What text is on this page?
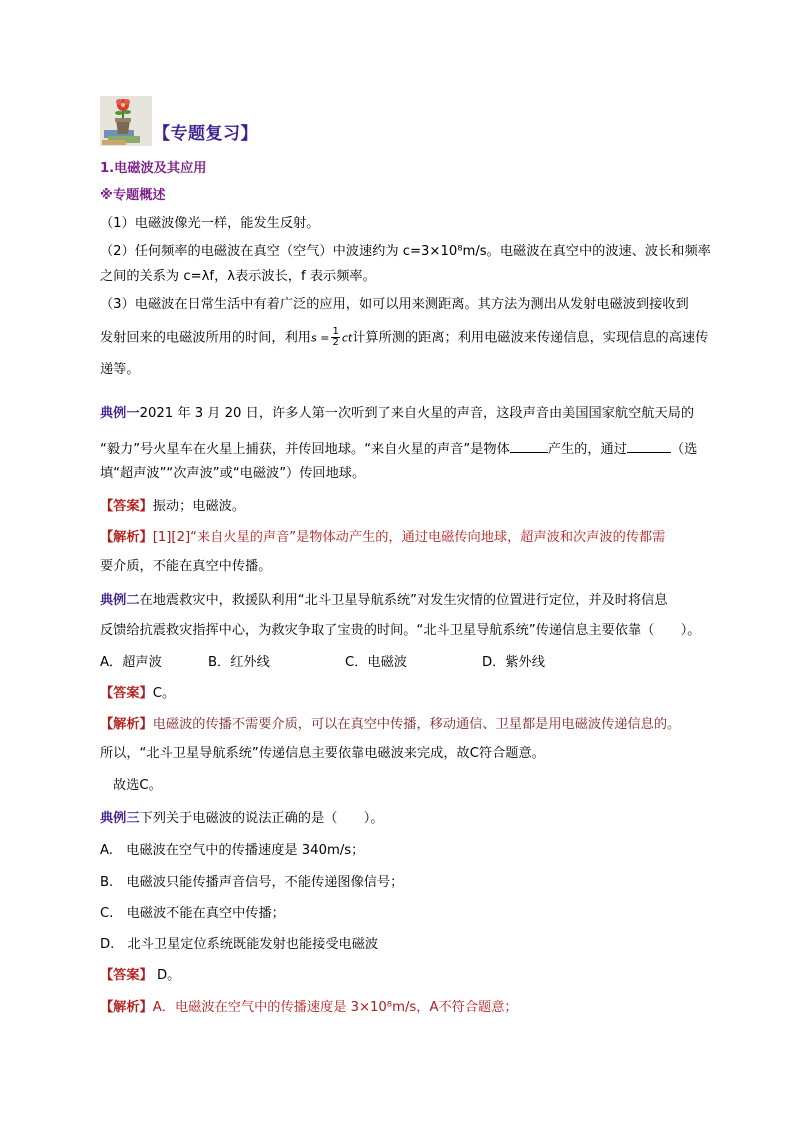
【专题复习】
1.电磁波及其应用
※专题概述
（1）电磁波像光一样，能发生反射。
（2）任何频率的电磁波在真空（空气）中波速约为 c=3×10⁸m/s。电磁波在真空中的波速、波长和频率
之间的关系为 c=λf，λ表示波长，f 表示频率。
（3）电磁波在日常生活中有着广泛的应用，如可以用来测距离。其方法为测出从发射电磁波到接收到
发射回来的电磁波所用的时间，利用$s = \frac{1}{2}$ ct计算所测的距离；利用电磁波来传递信息，实现信息的高速传
递等。
典例一2021 年 3 月 20 日，许多人第一次听到了来自火星的声音，这段声音由美国国家航空航天局的
“毅力”号火星车在火星上捕获，并传回地球。“来自火星的声音”是物体	产生的，通过	（选
填“超声波”“次声波”或“电磁波”）传回地球。
【答案】振动；电磁波。
【解析】[1][2]“来自火星的声音”是物体动产生的，通过电磁传向地球，超声波和次声波的传都需
要介质，不能在真空中传播。
典例二在地震救灾中，救援队利用“北斗卫星导航系统”对发生灾情的位置进行定位，并及时将信息
反馈给抗震救灾指挥中心，为救灾争取了宝贵的时间。“北斗卫星导航系统”传递信息主要依靠（　　）。
A．超声波	B．红外线	C．电磁波	D．紫外线
【答案】C。
【解析】电磁波的传播不需要介质，可以在真空中传播，移动通信、卫星都是用电磁波传递信息的。
所以，“北斗卫星导航系统”传递信息主要依靠电磁波来完成，故C符合题意。
故选C。
典例三下列关于电磁波的说法正确的是（　　）。
A.　电磁波在空气中的传播速度是 340m/s；
B.　电磁波只能传播声音信号，不能传递图像信号；
C.　电磁波不能在真空中传播；
D.　北斗卫星定位系统既能发射也能接受电磁波
【答案】 D。
【解析】A．电磁波在空气中的传播速度是 3×10⁸m/s，A不符合题意；
